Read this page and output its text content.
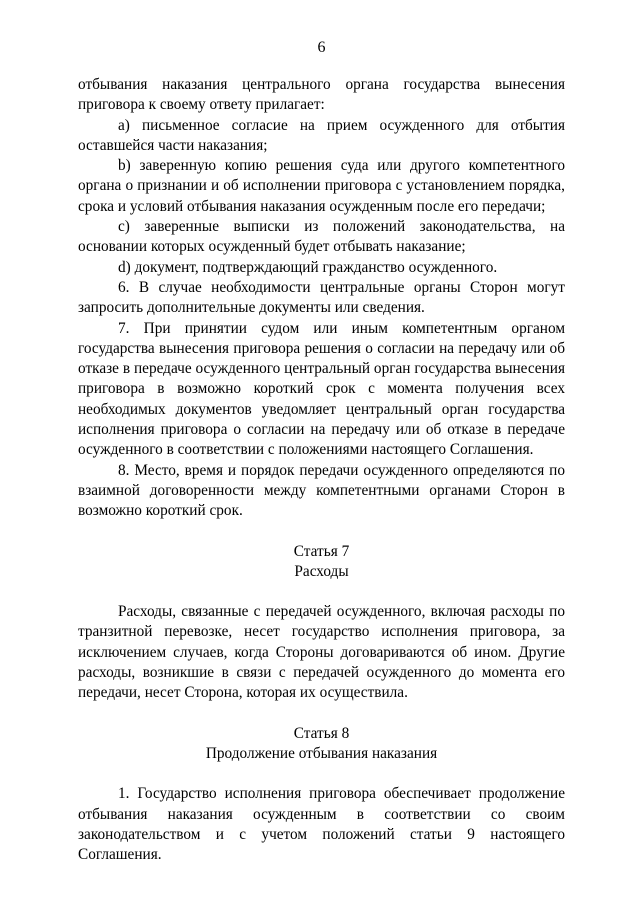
6

отбывания наказания центрального органа государства вынесения приговора к своему ответу прилагает:

a) письменное согласие на прием осужденного для отбытия оставшейся части наказания;

b) заверенную копию решения суда или другого компетентного органа о признании и об исполнении приговора с установлением порядка, срока и условий отбывания наказания осужденным после его передачи;

c) заверенные выписки из положений законодательства, на основании которых осужденный будет отбывать наказание;

d) документ, подтверждающий гражданство осужденного.

6. В случае необходимости центральные органы Сторон могут запросить дополнительные документы или сведения.

7. При принятии судом или иным компетентным органом государства вынесения приговора решения о согласии на передачу или об отказе в передаче осужденного центральный орган государства вынесения приговора в возможно короткий срок с момента получения всех необходимых документов уведомляет центральный орган государства исполнения приговора о согласии на передачу или об отказе в передаче осужденного в соответствии с положениями настоящего Соглашения.

8. Место, время и порядок передачи осужденного определяются по взаимной договоренности между компетентными органами Сторон в возможно короткий срок.

Статья 7

Расходы

Расходы, связанные с передачей осужденного, включая расходы по транзитной перевозке, несет государство исполнения приговора, за исключением случаев, когда Стороны договариваются об ином. Другие расходы, возникшие в связи с передачей осужденного до момента его передачи, несет Сторона, которая их осуществила.

Статья 8

Продолжение отбывания наказания

1. Государство исполнения приговора обеспечивает продолжение отбывания наказания осужденным в соответствии со своим законодательством и с учетом положений статьи 9 настоящего Соглашения.
